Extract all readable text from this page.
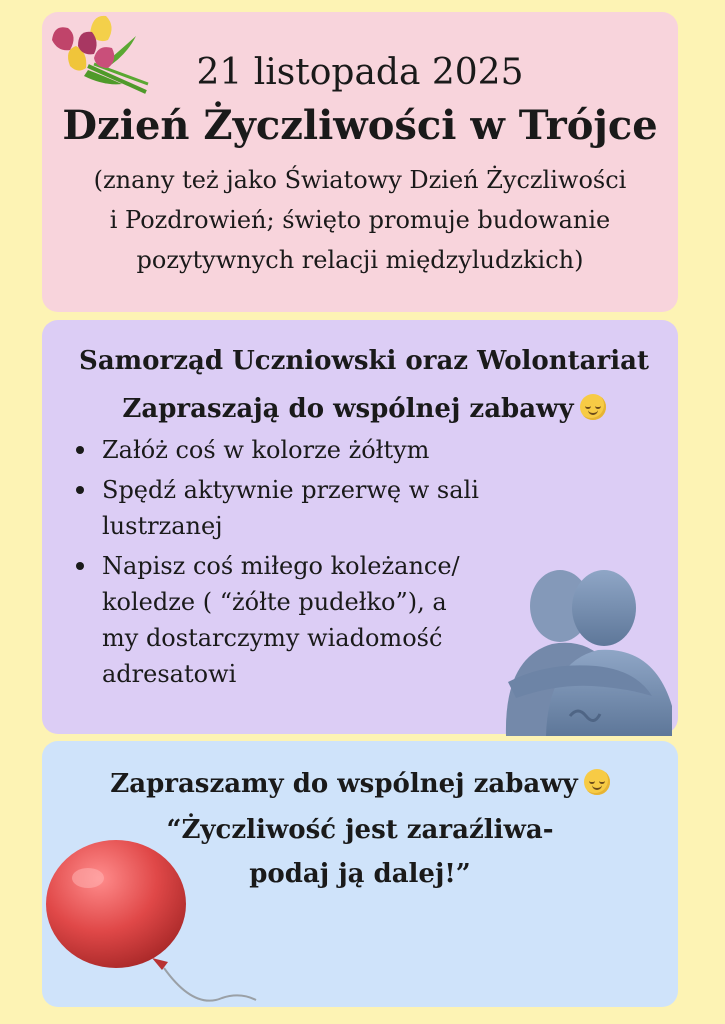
21 listopada 2025
Dzień Życzliwości w Trójce
(znany też jako Światowy Dzień Życzliwości
i Pozdrowień; święto promuje budowanie
pozytywnych relacji międzyludzkich)
Samorząd Uczniowski oraz Wolontariat
Zapraszają do wspólnej zabawy
Załóż coś w kolorze żółtym
Spędź aktywnie przerwę w sali lustrzanej
Napisz coś miłego koleżance/ koledze ( “żółte pudełko”), a my dostarczymy wiadomość adresatowi
Zapraszamy do wspólnej zabawy
“Życzliwość jest zaraźliwa-
podaj ją dalej!”
